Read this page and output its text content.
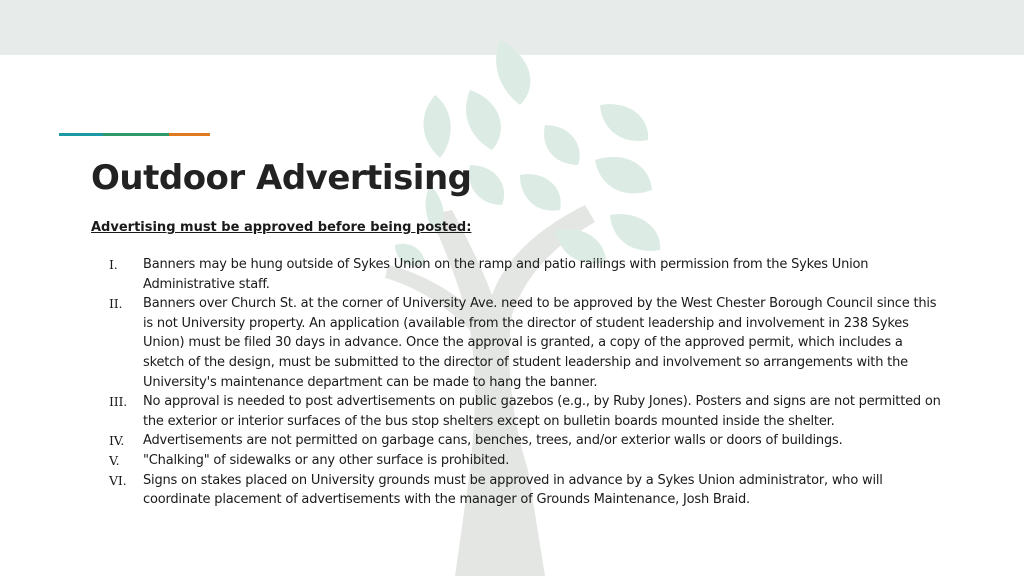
Outdoor Advertising

Advertising must be approved before being posted:

I. Banners may be hung outside of Sykes Union on the ramp and patio railings with permission from the Sykes Union Administrative staff.
II. Banners over Church St. at the corner of University Ave. need to be approved by the West Chester Borough Council since this is not University property. An application (available from the director of student leadership and involvement in 238 Sykes Union) must be filed 30 days in advance. Once the approval is granted, a copy of the approved permit, which includes a sketch of the design, must be submitted to the director of student leadership and involvement so arrangements with the University's maintenance department can be made to hang the banner.
III. No approval is needed to post advertisements on public gazebos (e.g., by Ruby Jones). Posters and signs are not permitted on the exterior or interior surfaces of the bus stop shelters except on bulletin boards mounted inside the shelter.
IV. Advertisements are not permitted on garbage cans, benches, trees, and/or exterior walls or doors of buildings.
V. "Chalking" of sidewalks or any other surface is prohibited.
VI. Signs on stakes placed on University grounds must be approved in advance by a Sykes Union administrator, who will coordinate placement of advertisements with the manager of Grounds Maintenance, Josh Braid.
